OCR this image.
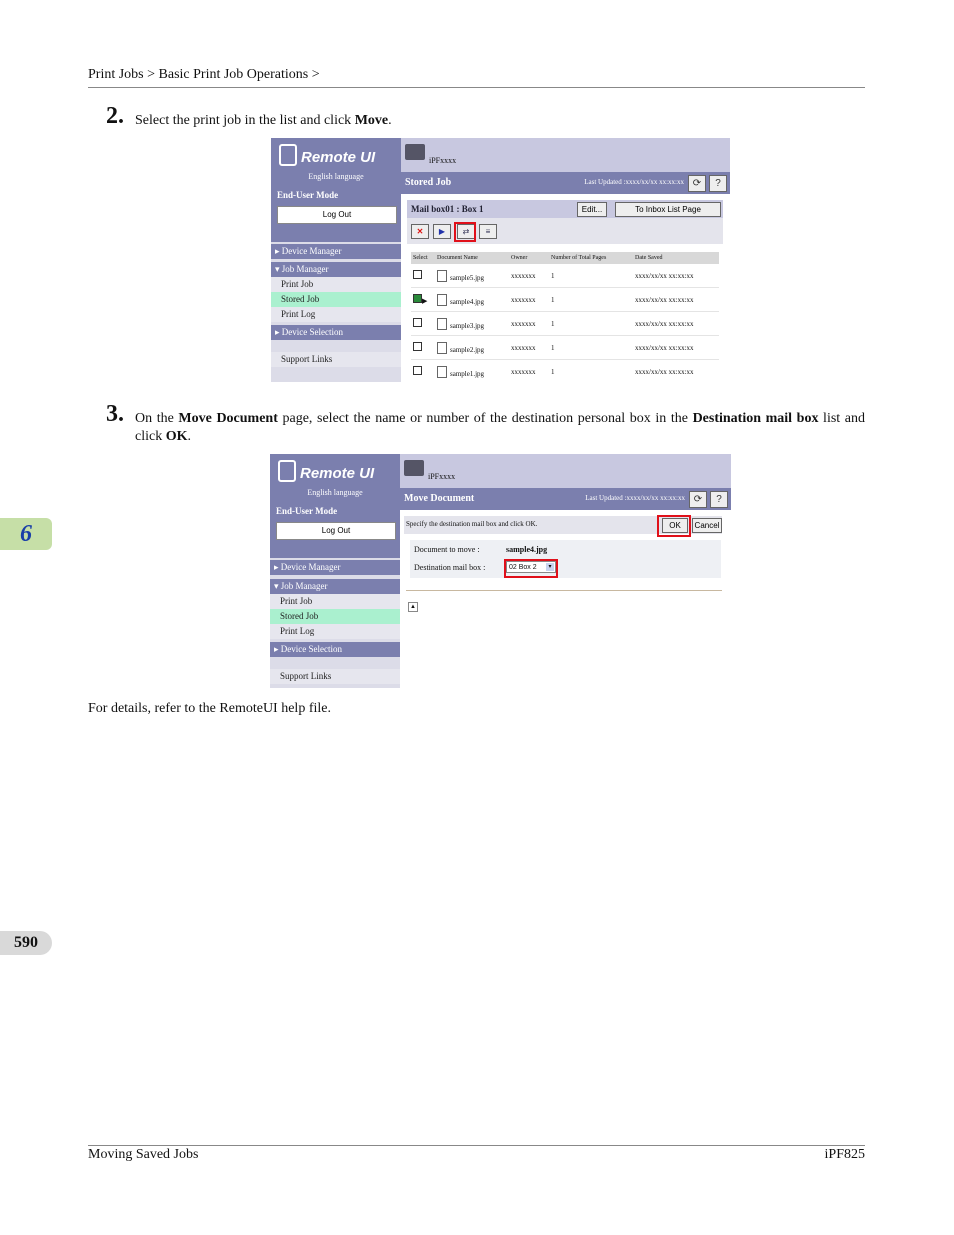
Print Jobs > Basic Print Job Operations >
2. Select the print job in the list and click Move.
Remote UI
English language
End-User Mode
Log Out
▸ Device Manager
▾ Job Manager
Print Job
Stored Job
Print Log
▸ Device Selection
Support Links
iPFxxxx
Stored Job	Last Updated :xxxx/xx/xx xx:xx:xx ⟳	?
Mail box01 : Box 1	Edit...	To Inbox List Page
✕	▶	⇄	≡
Select	Document Name	Owner	Number of Total Pages	Date Saved
	sample5.jpg	xxxxxxx	1	xxxx/xx/xx xx:xx:xx
▶	sample4.jpg	xxxxxxx	1	xxxx/xx/xx xx:xx:xx
	sample3.jpg	xxxxxxx	1	xxxx/xx/xx xx:xx:xx
	sample2.jpg	xxxxxxx	1	xxxx/xx/xx xx:xx:xx
	sample1.jpg	xxxxxxx	1	xxxx/xx/xx xx:xx:xx
3. On the Move Document page, select the name or number of the destination personal box in the Destination mail box list and click OK.
6
Remote UI
English language
End-User Mode
Log Out
▸ Device Manager
▾ Job Manager
Print Job
Stored Job
Print Log
▸ Device Selection
Support Links
iPFxxxx
Move Document	Last Updated :xxxx/xx/xx xx:xx:xx ⟳	?
Specify the destination mail box and click OK.	OK	Cancel
Document to move :	sample4.jpg
Destination mail box :	02 Box 2	▾
▲
For details, refer to the RemoteUI help file.
590
Moving Saved Jobs	iPF825
